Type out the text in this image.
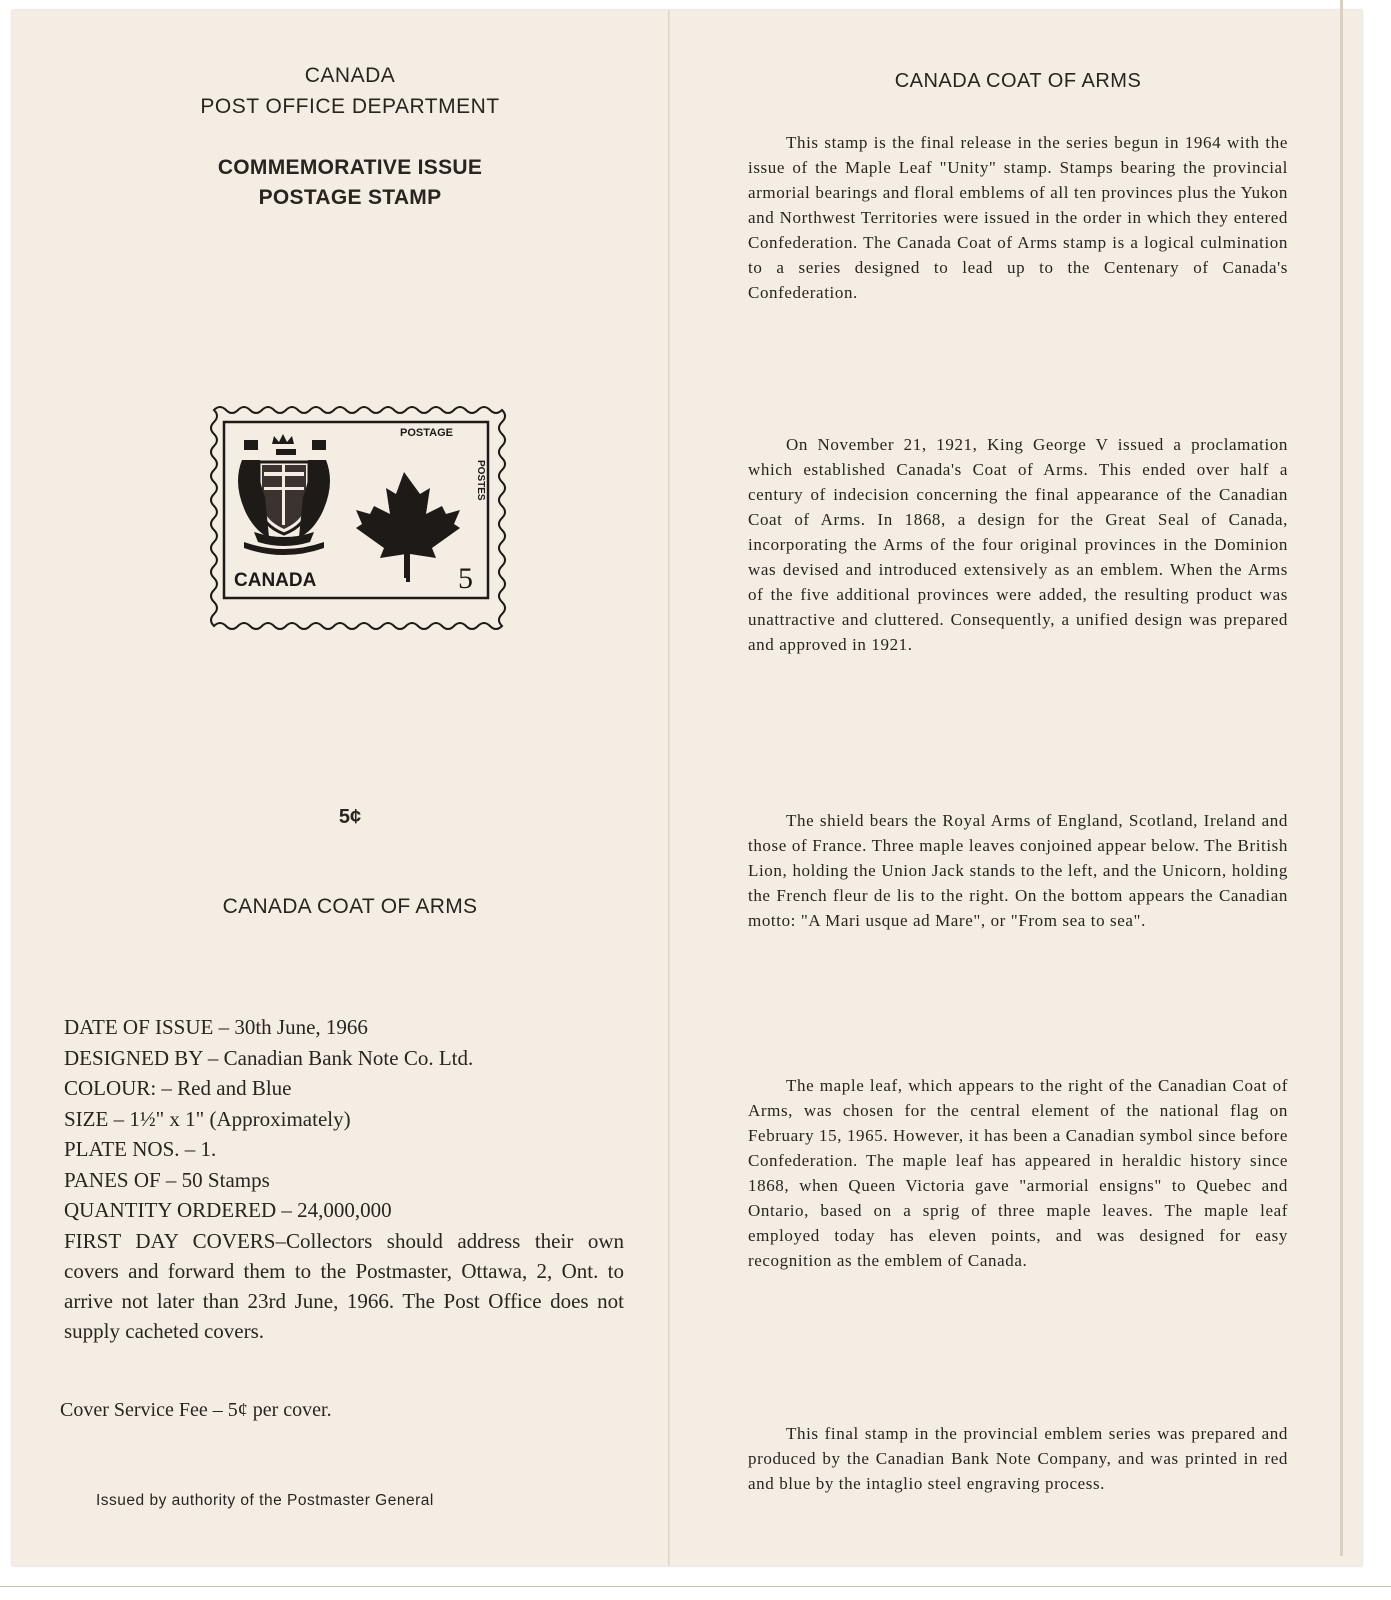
CANADA
POST OFFICE DEPARTMENT
COMMEMORATIVE ISSUE
POSTAGE STAMP
POSTAGE
POSTES
CANADA	5
5¢
CANADA COAT OF ARMS
DATE OF ISSUE – 30th June, 1966
DESIGNED BY – Canadian Bank Note Co. Ltd.
COLOUR: – Red and Blue
SIZE – 1½" x 1" (Approximately)
PLATE NOS. – 1.
PANES OF – 50 Stamps
QUANTITY ORDERED – 24,000,000
FIRST DAY COVERS–Collectors should address their own covers and forward them to the Postmaster, Ottawa, 2, Ont. to arrive not later than 23rd June, 1966. The Post Office does not supply cacheted covers.
Cover Service Fee – 5¢ per cover.
Issued by authority of the Postmaster General
CANADA COAT OF ARMS
This stamp is the final release in the series begun in 1964 with the issue of the Maple Leaf "Unity" stamp. Stamps bearing the provincial armorial bearings and floral emblems of all ten provinces plus the Yukon and Northwest Territories were issued in the order in which they entered Confederation. The Canada Coat of Arms stamp is a logical culmination to a series designed to lead up to the Centenary of Canada's Confederation.
On November 21, 1921, King George V issued a proclamation which established Canada's Coat of Arms. This ended over half a century of indecision concerning the final appearance of the Canadian Coat of Arms. In 1868, a design for the Great Seal of Canada, incorporating the Arms of the four original provinces in the Dominion was devised and introduced extensively as an emblem. When the Arms of the five additional provinces were added, the resulting product was unattractive and cluttered. Consequently, a unified design was prepared and approved in 1921.
The shield bears the Royal Arms of England, Scotland, Ireland and those of France. Three maple leaves conjoined appear below. The British Lion, holding the Union Jack stands to the left, and the Unicorn, holding the French fleur de lis to the right. On the bottom appears the Canadian motto: "A Mari usque ad Mare", or "From sea to sea".
The maple leaf, which appears to the right of the Canadian Coat of Arms, was chosen for the central element of the national flag on February 15, 1965. However, it has been a Canadian symbol since before Confederation. The maple leaf has appeared in heraldic history since 1868, when Queen Victoria gave "armorial ensigns" to Quebec and Ontario, based on a sprig of three maple leaves. The maple leaf employed today has eleven points, and was designed for easy recognition as the emblem of Canada.
This final stamp in the provincial emblem series was prepared and produced by the Canadian Bank Note Company, and was printed in red and blue by the intaglio steel engraving process.
